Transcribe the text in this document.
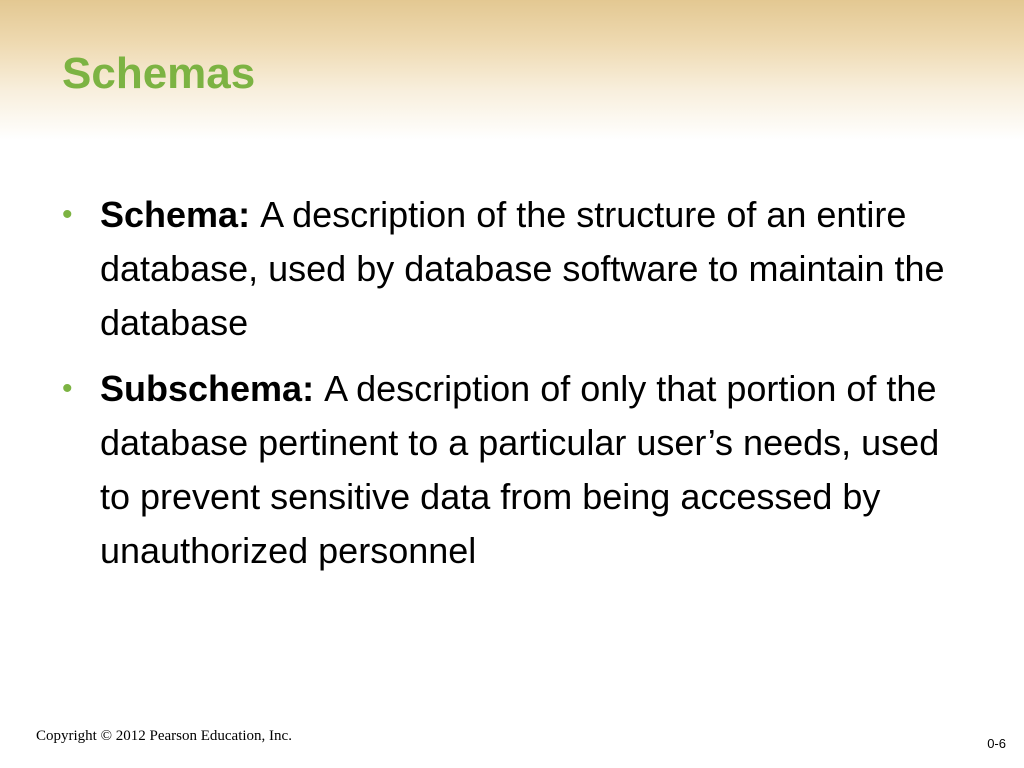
Schemas
• Schema: A description of the structure of an entire database, used by database software to maintain the database
• Subschema: A description of only that portion of the database pertinent to a particular user’s needs, used to prevent sensitive data from being accessed by unauthorized personnel
Copyright © 2012 Pearson Education, Inc.	0-6
